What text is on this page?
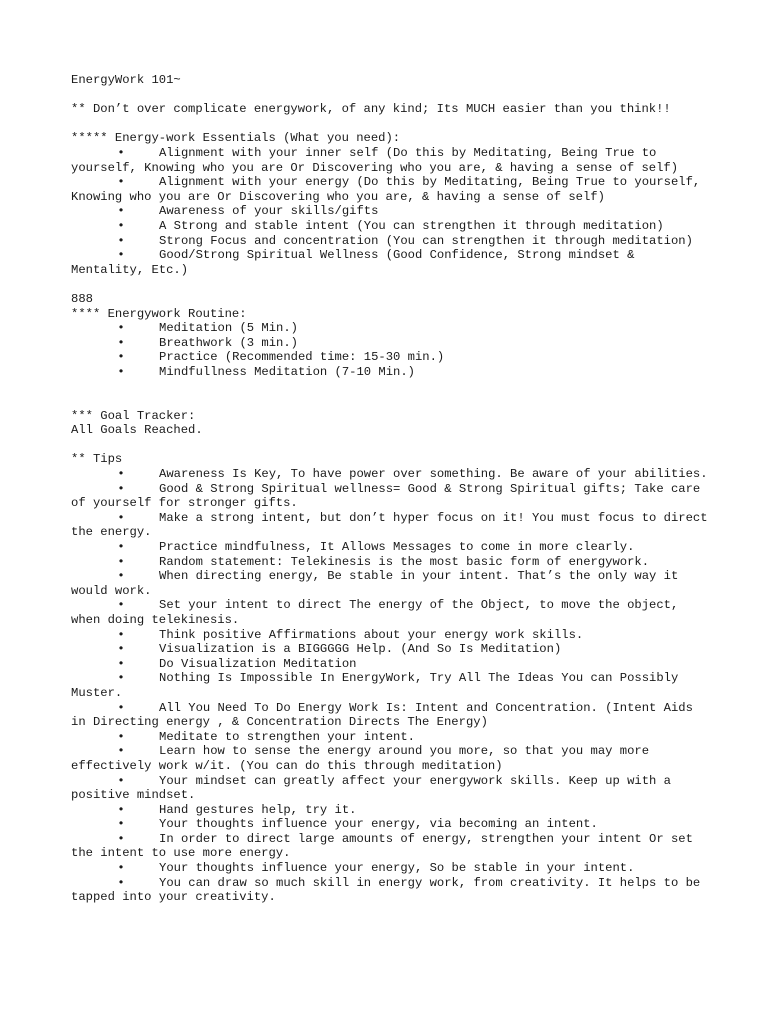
EnergyWork 101~
** Don’t over complicate energywork, of any kind; Its MUCH easier than you think!!
***** Energy-work Essentials (What you need):
•	Alignment with your inner self (Do this by Meditating, Being True to yourself, Knowing who you are Or Discovering who you are, & having a sense of self)
•	Alignment with your energy (Do this by Meditating, Being True to yourself, Knowing who you are Or Discovering who you are, & having a sense of self)
•	Awareness of your skills/gifts
•	A Strong and stable intent (You can strengthen it through meditation)
•	Strong Focus and concentration (You can strengthen it through meditation)
•	Good/Strong Spiritual Wellness (Good Confidence, Strong mindset & Mentality, Etc.)
888
**** Energywork Routine:
•	Meditation (5 Min.)
•	Breathwork (3 min.)
•	Practice (Recommended time: 15-30 min.)
•	Mindfullness Meditation (7-10 Min.)
*** Goal Tracker:
All Goals Reached.
** Tips
•	Awareness Is Key, To have power over something. Be aware of your abilities.
•	Good & Strong Spiritual wellness= Good & Strong Spiritual gifts; Take care of yourself for stronger gifts.
•	Make a strong intent, but don’t hyper focus on it! You must focus to direct the energy.
•	Practice mindfulness, It Allows Messages to come in more clearly.
•	Random statement: Telekinesis is the most basic form of energywork.
•	When directing energy, Be stable in your intent. That’s the only way it would work.
•	Set your intent to direct The energy of the Object, to move the object, when doing telekinesis.
•	Think positive Affirmations about your energy work skills.
•	Visualization is a BIGGGGG Help. (And So Is Meditation)
•	Do Visualization Meditation
•	Nothing Is Impossible In EnergyWork, Try All The Ideas You can Possibly Muster.
•	All You Need To Do Energy Work Is: Intent and Concentration. (Intent Aids in Directing energy , & Concentration Directs The Energy)
•	Meditate to strengthen your intent.
•	Learn how to sense the energy around you more, so that you may more effectively work w/it. (You can do this through meditation)
•	Your mindset can greatly affect your energywork skills. Keep up with a positive mindset.
•	Hand gestures help, try it.
•	Your thoughts influence your energy, via becoming an intent.
•	In order to direct large amounts of energy, strengthen your intent Or set the intent to use more energy.
•	Your thoughts influence your energy, So be stable in your intent.
•	You can draw so much skill in energy work, from creativity. It helps to be tapped into your creativity.
